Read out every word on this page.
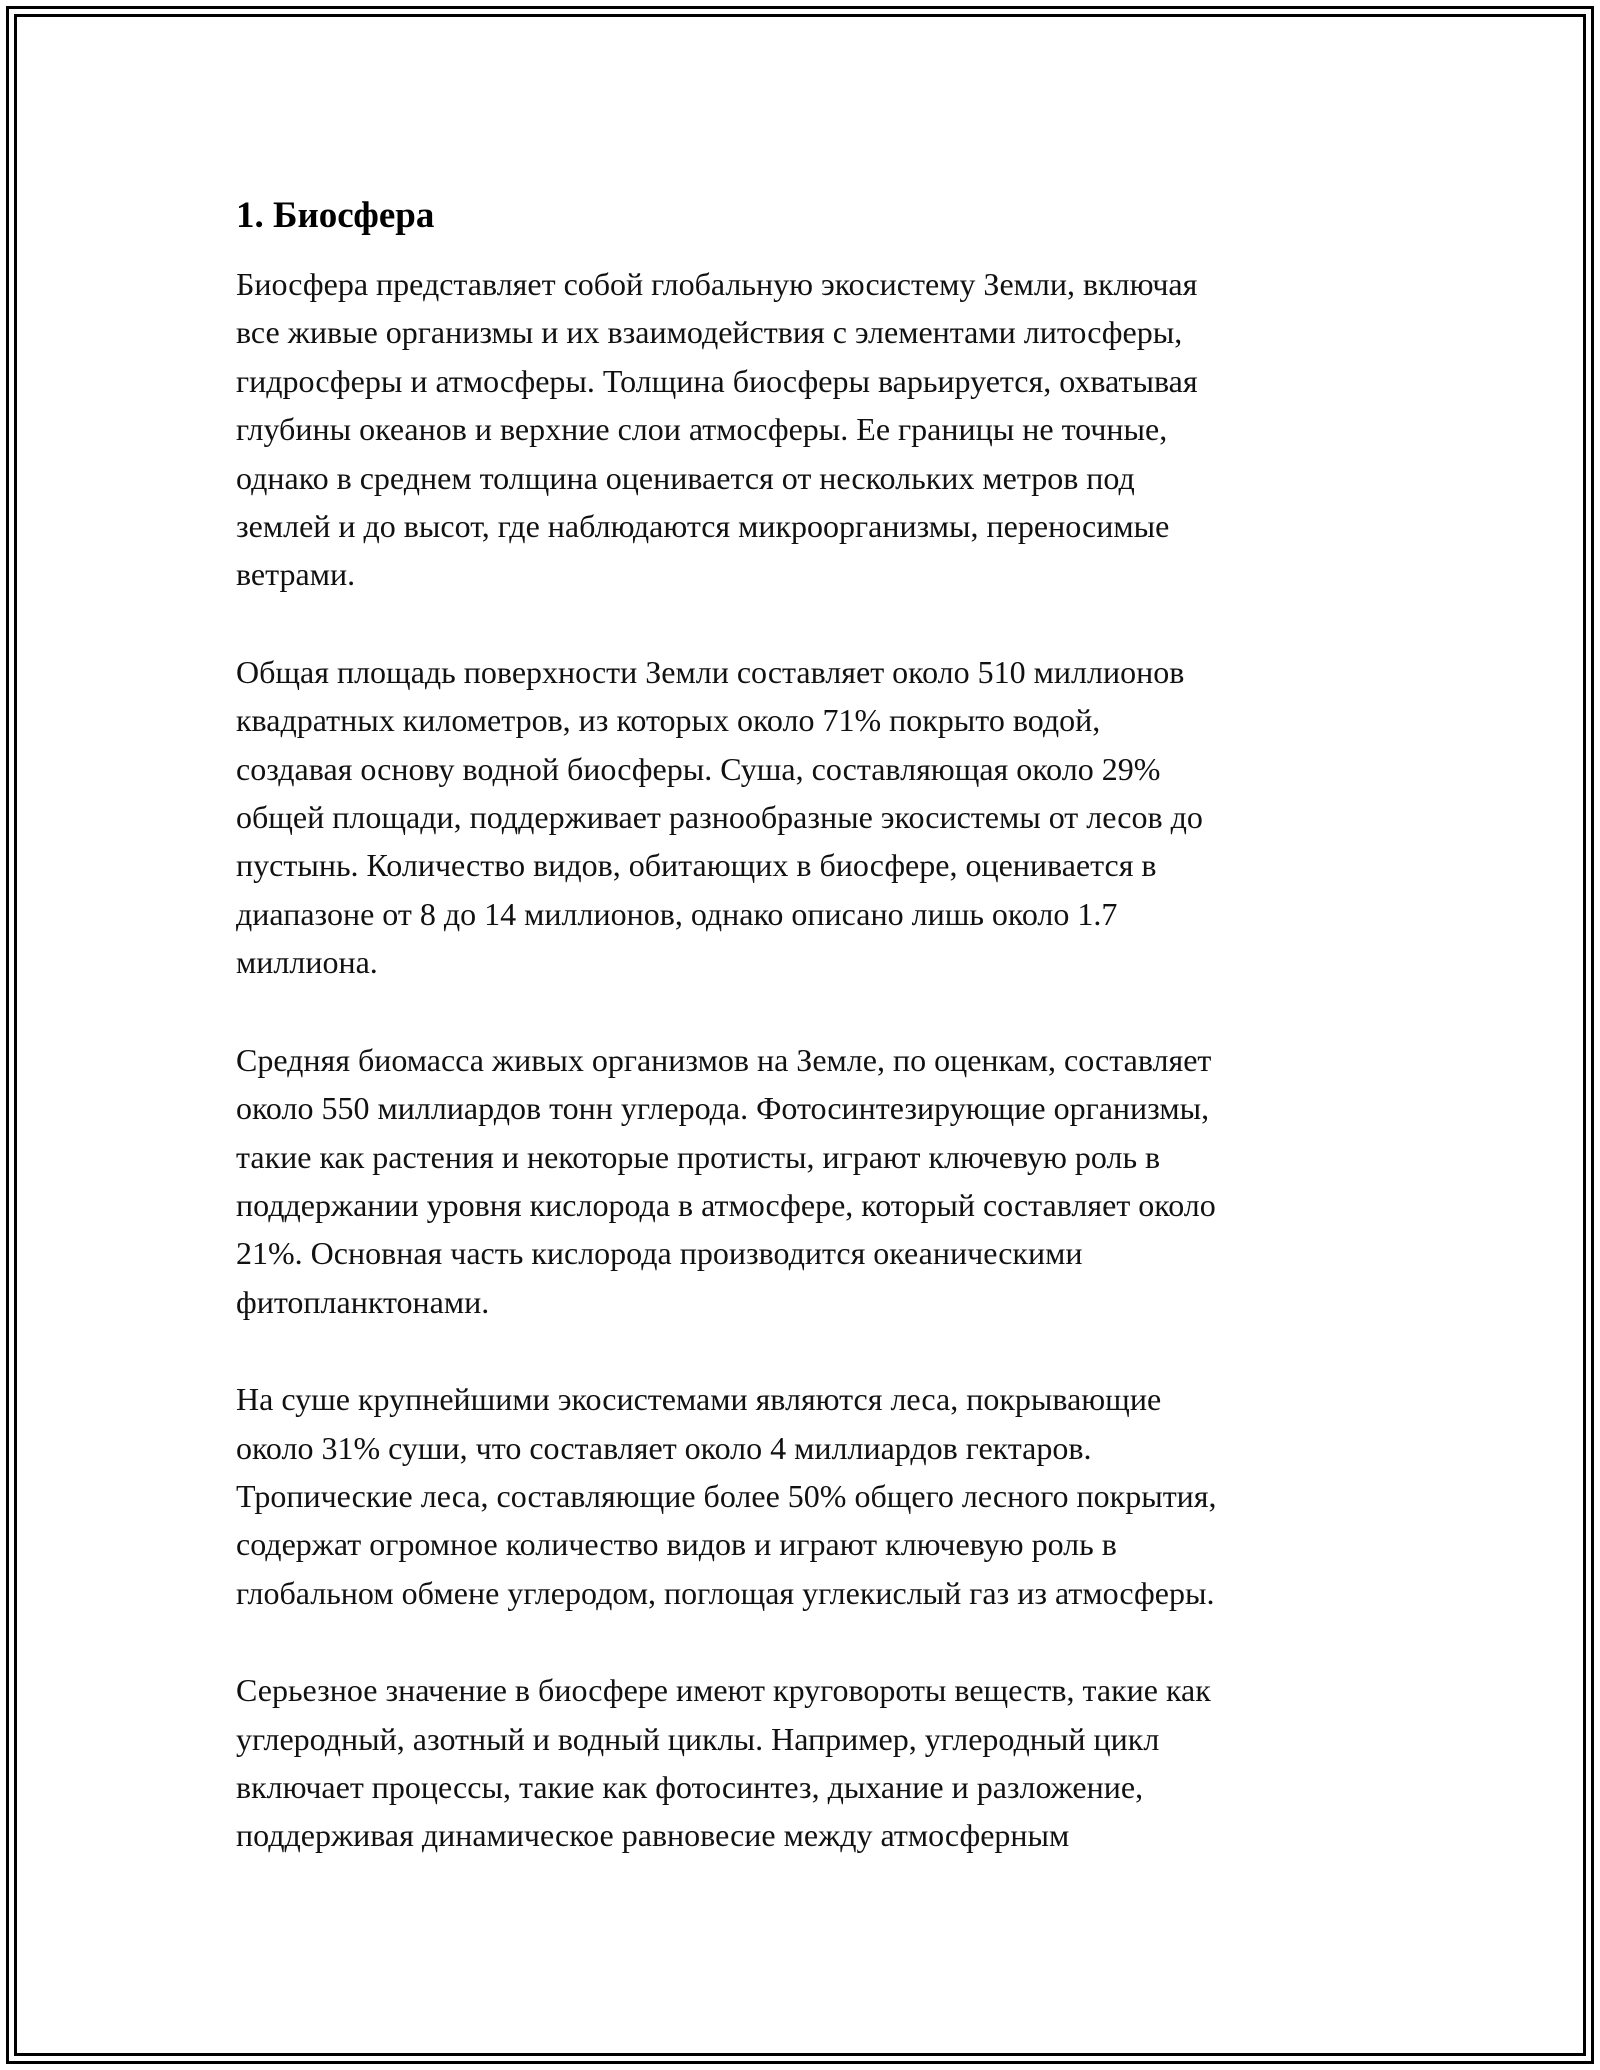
1. Биосфера

Биосфера представляет собой глобальную экосистему Земли, включая
все живые организмы и их взаимодействия с элементами литосферы,
гидросферы и атмосферы. Толщина биосферы варьируется, охватывая
глубины океанов и верхние слои атмосферы. Ее границы не точные,
однако в среднем толщина оценивается от нескольких метров под
землей и до высот, где наблюдаются микроорганизмы, переносимые
ветрами.

Общая площадь поверхности Земли составляет около 510 миллионов
квадратных километров, из которых около 71% покрыто водой,
создавая основу водной биосферы. Суша, составляющая около 29%
общей площади, поддерживает разнообразные экосистемы от лесов до
пустынь. Количество видов, обитающих в биосфере, оценивается в
диапазоне от 8 до 14 миллионов, однако описано лишь около 1.7
миллиона.

Средняя биомасса живых организмов на Земле, по оценкам, составляет
около 550 миллиардов тонн углерода. Фотосинтезирующие организмы,
такие как растения и некоторые протисты, играют ключевую роль в
поддержании уровня кислорода в атмосфере, который составляет около
21%. Основная часть кислорода производится океаническими
фитопланктонами.

На суше крупнейшими экосистемами являются леса, покрывающие
около 31% суши, что составляет около 4 миллиардов гектаров.
Тропические леса, составляющие более 50% общего лесного покрытия,
содержат огромное количество видов и играют ключевую роль в
глобальном обмене углеродом, поглощая углекислый газ из атмосферы.

Серьезное значение в биосфере имеют круговороты веществ, такие как
углеродный, азотный и водный циклы. Например, углеродный цикл
включает процессы, такие как фотосинтез, дыхание и разложение,
поддерживая динамическое равновесие между атмосферным
